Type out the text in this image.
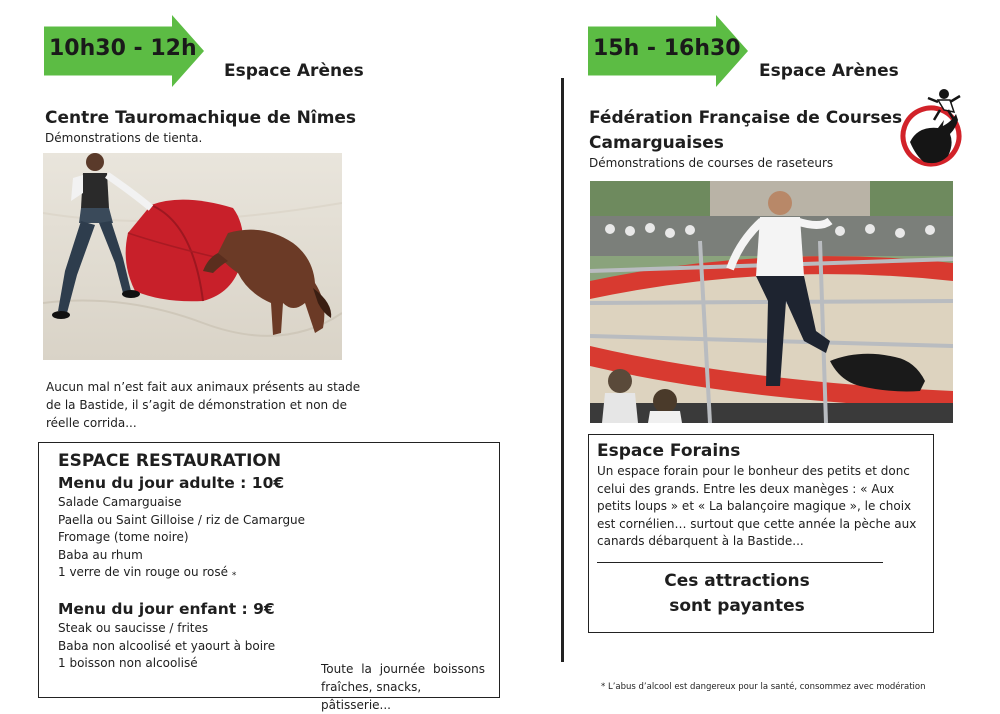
10h30 - 12h
Espace Arènes
Centre Tauromachique de Nîmes
Démonstrations de tienta.
Aucun mal n’est fait aux animaux présents au stade
de la Bastide, il s’agit de démonstration et non de
réelle corrida...
ESPACE RESTAURATION
Menu du jour adulte : 10€
Salade Camarguaise
Paella ou Saint Gilloise / riz de Camargue
Fromage (tome noire)
Baba au rhum
1 verre de vin rouge ou rosé *
Menu du jour enfant : 9€
Steak ou saucisse / frites
Baba non alcoolisé et yaourt à boire
1 boisson non alcoolisé	Toute la journée boissons
fraîches, snacks, pâtisserie...
15h - 16h30
Espace Arènes
Fédération Française de Courses
Camarguaises
Démonstrations de courses de raseteurs
Espace Forains
Un espace forain pour le bonheur des petits et donc
celui des grands. Entre les deux manèges : « Aux
petits loups » et « La balançoire magique », le choix
est cornélien… surtout que cette année la pèche aux
canards débarquent à la Bastide...
Ces attractions
sont payantes
* L’abus d’alcool est dangereux pour la santé, consommez avec modération
